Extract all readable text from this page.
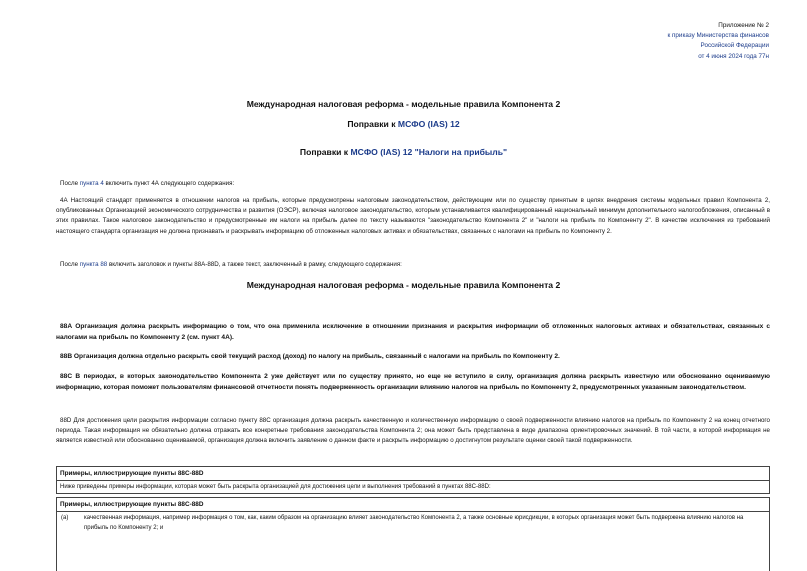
Приложение № 2
к приказу Министерства финансов
Российской Федерации
от 4 июня 2024 года 77н
Международная налоговая реформа - модельные правила Компонента 2
Поправки к МСФО (IAS) 12
Поправки к МСФО (IAS) 12 "Налоги на прибыль"
После пункта 4 включить пункт 4А следующего содержания:
4А Настоящий стандарт применяется в отношении налогов на прибыль, которые предусмотрены налоговым законодательством, действующим или по существу принятым в целях внедрения системы модельных правил Компонента 2, опубликованных Организацией экономического сотрудничества и развития (ОЭСР), включая налоговое законодательство, которым устанавливается квалифицированный национальный минимум дополнительного налогообложения, описанный в этих правилах. Такое налоговое законодательство и предусмотренные им налоги на прибыль далее по тексту называются "законодательство Компонента 2" и "налоги на прибыль по Компоненту 2". В качестве исключения из требований настоящего стандарта организация не должна признавать и раскрывать информацию об отложенных налоговых активах и обязательствах, связанных с налогами на прибыль по Компоненту 2.
После пункта 88 включить заголовок и пункты 88А-88D, а также текст, заключенный в рамку, следующего содержания:
Международная налоговая реформа - модельные правила Компонента 2
88А Организация должна раскрыть информацию о том, что она применила исключение в отношении признания и раскрытия информации об отложенных налоговых активах и обязательствах, связанных с налогами на прибыль по Компоненту 2 (см. пункт 4А).
88В Организация должна отдельно раскрыть свой текущий расход (доход) по налогу на прибыль, связанный с налогами на прибыль по Компоненту 2.
88С В периодах, в которых законодательство Компонента 2 уже действует или по существу принято, но еще не вступило в силу, организация должна раскрыть известную или обоснованно оцениваемую информацию, которая поможет пользователям финансовой отчетности понять подверженность организации влиянию налогов на прибыль по Компоненту 2, предусмотренных указанным законодательством.
88D Для достижения цели раскрытия информации согласно пункту 88С организация должна раскрыть качественную и количественную информацию о своей подверженности влиянию налогов на прибыль по Компоненту 2 на конец отчетного периода. Такая информация не обязательно должна отражать все конкретные требования законодательства Компонента 2; она может быть представлена в виде диапазона ориентировочных значений. В той части, в которой информация не является известной или обоснованно оцениваемой, организация должна включить заявление о данном факте и раскрыть информацию о достигнутом результате оценки своей такой подверженности.
Примеры, иллюстрирующие пункты 88С-88D
Ниже приведены примеры информации, которая может быть раскрыта организацией для достижения цели и выполнения требований в пунктах 88С-88D:
Примеры, иллюстрирующие пункты 88С-88D
(а)	качественная информация, например информация о том, как, каким образом на организацию влияет законодательство Компонента 2, а также основные юрисдикции, в которых организация может быть подвержена влиянию налогов на прибыль по Компоненту 2; и
